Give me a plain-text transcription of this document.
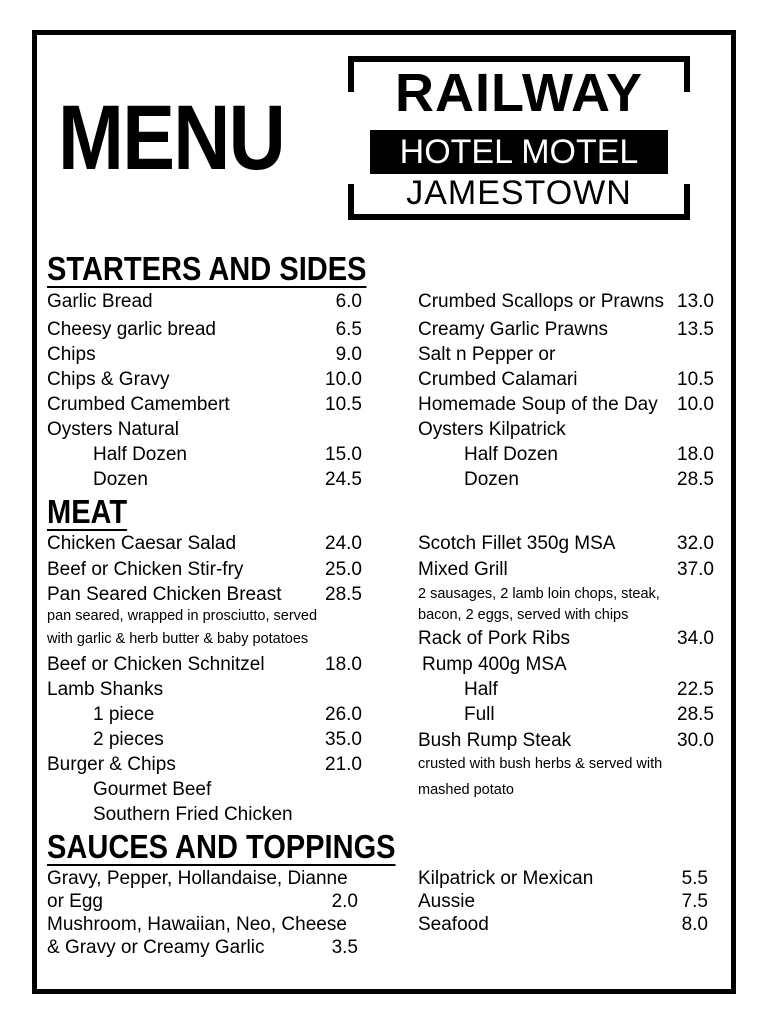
MENU	RAILWAY
HOTEL MOTEL
JAMESTOWN
STARTERS AND SIDES
Garlic Bread	6.0
Cheesy garlic bread	6.5
Chips	9.0
Chips & Gravy	10.0
Crumbed Camembert	10.5
Oysters Natural
Half Dozen	15.0
Dozen	24.5
Crumbed Scallops or Prawns 13.0
Creamy Garlic Prawns	13.5
Salt n Pepper or
Crumbed Calamari	10.5
Homemade Soup of the Day	10.0
Oysters Kilpatrick
Half Dozen	18.0
Dozen	28.5
MEAT
Chicken Caesar Salad	24.0
Beef or Chicken Stir-fry	25.0
Pan Seared Chicken Breast	28.5
pan seared, wrapped in prosciutto, served
with garlic & herb butter & baby potatoes
Beef or Chicken Schnitzel	18.0
Lamb Shanks
1 piece	26.0
2 pieces	35.0
Burger & Chips	21.0
Gourmet Beef
Southern Fried Chicken
Scotch Fillet 350g MSA	32.0
Mixed Grill	37.0
2 sausages, 2 lamb loin chops, steak,
bacon, 2 eggs, served with chips
Rack of Pork Ribs	34.0
Rump 400g MSA
Half	22.5
Full	28.5
Bush Rump Steak	30.0
crusted with bush herbs & served with
mashed potato
SAUCES AND TOPPINGS
Gravy, Pepper, Hollandaise, Dianne
or Egg	2.0
Mushroom, Hawaiian, Neo, Cheese
& Gravy or Creamy Garlic	3.5
Kilpatrick or Mexican	5.5
Aussie	7.5
Seafood	8.0
